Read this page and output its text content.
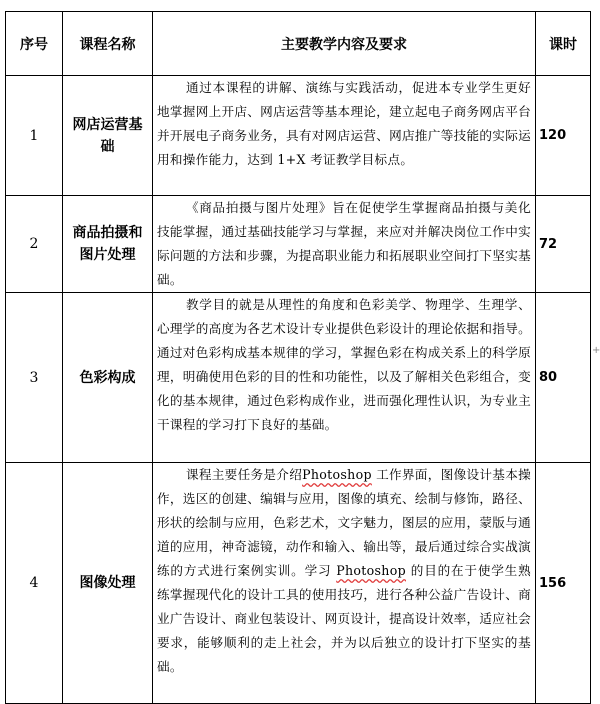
序号	课程名称	主要教学内容及要求	课时
1	网店运营基础	通过本课程的讲解、演练与实践活动，促进本专业学生更好地掌握网上开店、网店运营等基本理论，建立起电子商务网店平台并开展电子商务业务，具有对网店运营、网店推广等技能的实际运用和操作能力，达到 1+X 考证教学目标点。	120
2	商品拍摄和图片处理	《商品拍摄与图片处理》旨在促使学生掌握商品拍摄与美化技能掌握，通过基础技能学习与掌握，来应对并解决岗位工作中实际问题的方法和步骤，为提高职业能力和拓展职业空间打下坚实基础。	72
3	色彩构成	教学目的就是从理性的角度和色彩美学、物理学、生理学、心理学的高度为各艺术设计专业提供色彩设计的理论依据和指导。通过对色彩构成基本规律的学习，掌握色彩在构成关系上的科学原理，明确使用色彩的目的性和功能性，以及了解相关色彩组合，变化的基本规律，通过色彩构成作业，进而强化理性认识，为专业主干课程的学习打下良好的基础。	80
4	图像处理	课程主要任务是介绍Photoshop 工作界面，图像设计基本操作，选区的创建、编辑与应用，图像的填充、绘制与修饰，路径、形状的绘制与应用，色彩艺术，文字魅力，图层的应用，蒙版与通道的应用，神奇滤镜，动作和输入、输出等，最后通过综合实战演练的方式进行案例实训。学习 Photoshop 的目的在于使学生熟练掌握现代化的设计工具的使用技巧，进行各种公益广告设计、商业广告设计、商业包装设计、网页设计，提高设计效率，适应社会要求，能够顺利的走上社会，并为以后独立的设计打下坚实的基础。	156
+
